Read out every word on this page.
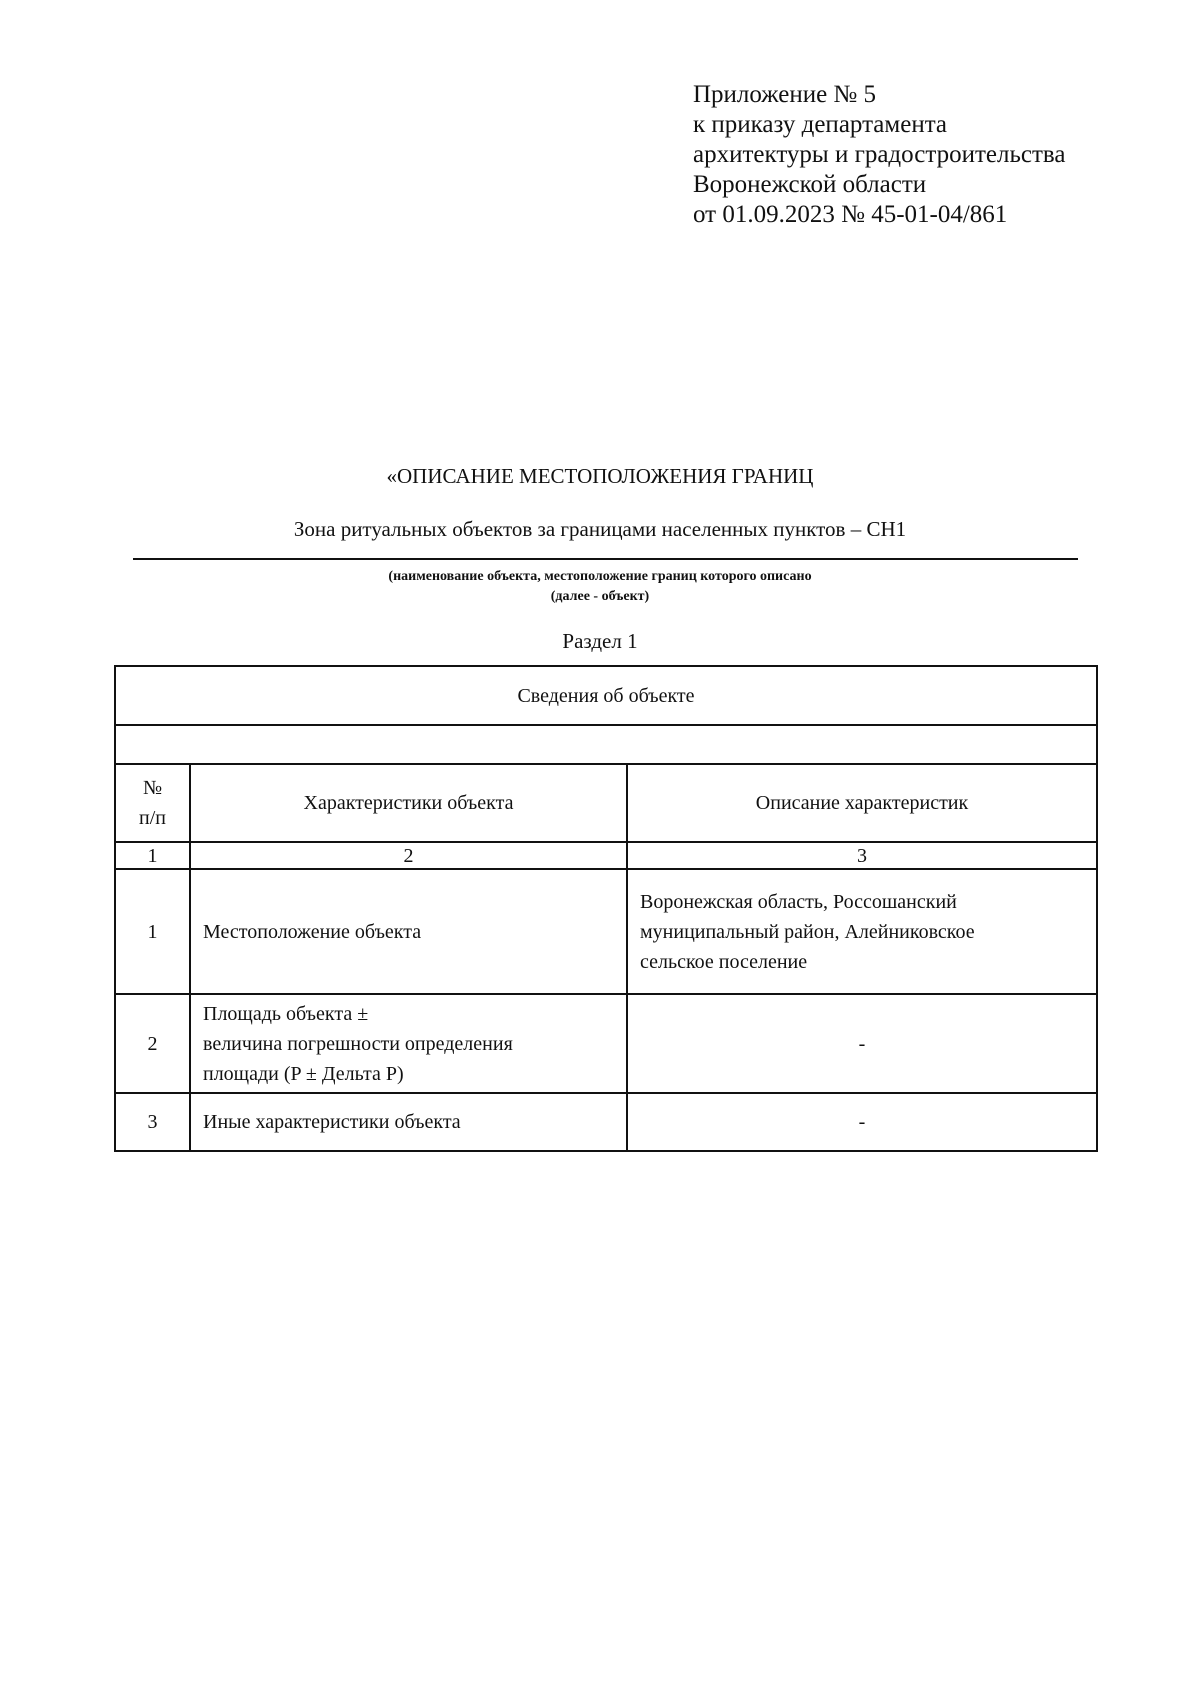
Приложение № 5
к приказу департамента
архитектуры и градостроительства
Воронежской области
от 01.09.2023 № 45-01-04/861
«ОПИСАНИЕ МЕСТОПОЛОЖЕНИЯ ГРАНИЦ
Зона ритуальных объектов за границами населенных пунктов – СН1
(наименование объекта, местоположение границ которого описано
(далее - объект)
Раздел 1
Сведения об объекте		

№
п/п	Характеристики объекта	Описание характеристик
1	2	3
1	Местоположение объекта	Воронежская область, Россошанский
муниципальный район, Алейниковское
сельское поселение

2	Площадь объекта ±
величина погрешности определения
площади (P ± Дельта P)	-

3	Иные характеристики объекта	-
